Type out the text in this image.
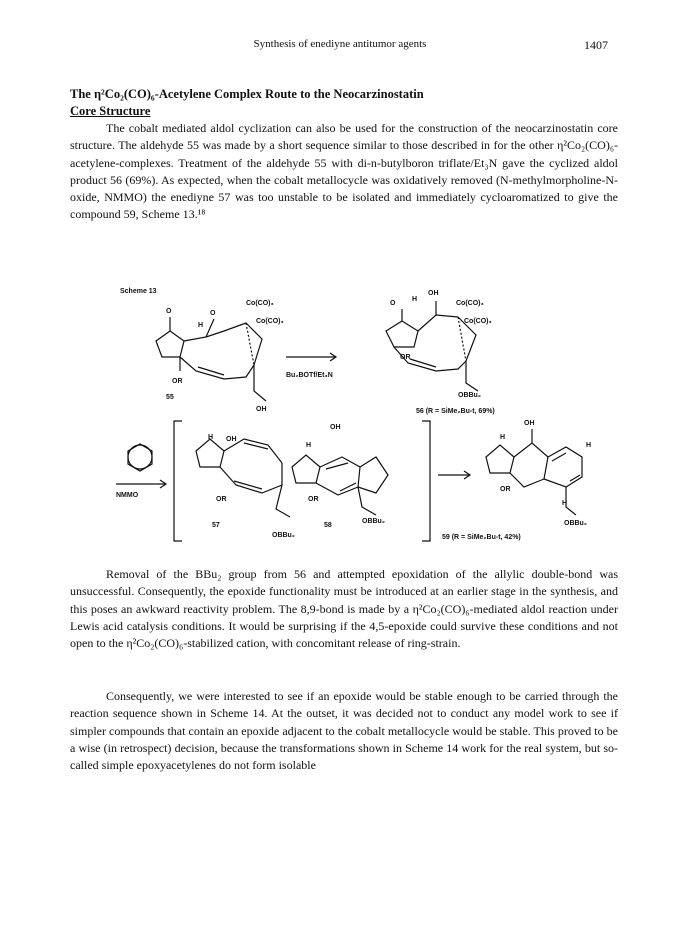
Synthesis of enediyne antitumor agents	1407
The η²Co₂(CO)₆-Acetylene Complex Route to the Neocarzinostatin
Core Structure

The cobalt mediated aldol cyclization can also be used for the construction of the neocarzinostatin core structure. The aldehyde 55 was made by a short sequence similar to those described in for the other η²Co₂(CO)₆-acetylene-complexes. Treatment of the aldehyde 55 with di-n-butylboron triflate/Et₃N gave the cyclized aldol product 56 (69%). As expected, when the cobalt metallocycle was oxidatively removed (N-methylmorpholine-N-oxide, NMMO) the enediyne 57 was too unstable to be isolated and immediately cycloaromatized to give the compound 59, Scheme 13.¹⁸

Scheme 13
O	O
H
Co(CO)₃
Co(CO)₃
OR
55
OH
Bu₂BOTf/Et₃N
O
H
OH
Co(CO)₃
Co(CO)₃
OR
OBBu₂
56 (R = SiMe₂Bu-t, 69%)
NMMO
H OH
OR
57
OBBu₂
H
OH
OR
58
OBBu₂
H
OH
H
OR
H
OBBu₂
59 (R = SiMe₂Bu-t, 42%)

Removal of the BBu₂ group from 56 and attempted epoxidation of the allylic double-bond was unsuccessful. Consequently, the epoxide functionality must be introduced at an earlier stage in the synthesis, and this poses an awkward reactivity problem. The 8,9-bond is made by a η²Co₂(CO)₆-mediated aldol reaction under Lewis acid catalysis conditions. It would be surprising if the 4,5-epoxide could survive these conditions and not open to the η²Co₂(CO)₆-stabilized cation, with concomitant release of ring-strain.

Consequently, we were interested to see if an epoxide would be stable enough to be carried through the reaction sequence shown in Scheme 14. At the outset, it was decided not to conduct any model work to see if simpler compounds that contain an epoxide adjacent to the cobalt metallocycle would be stable. This proved to be a wise (in retrospect) decision, because the transformations shown in Scheme 14 work for the real system, but so-called simple epoxyacetylenes do not form isolable
